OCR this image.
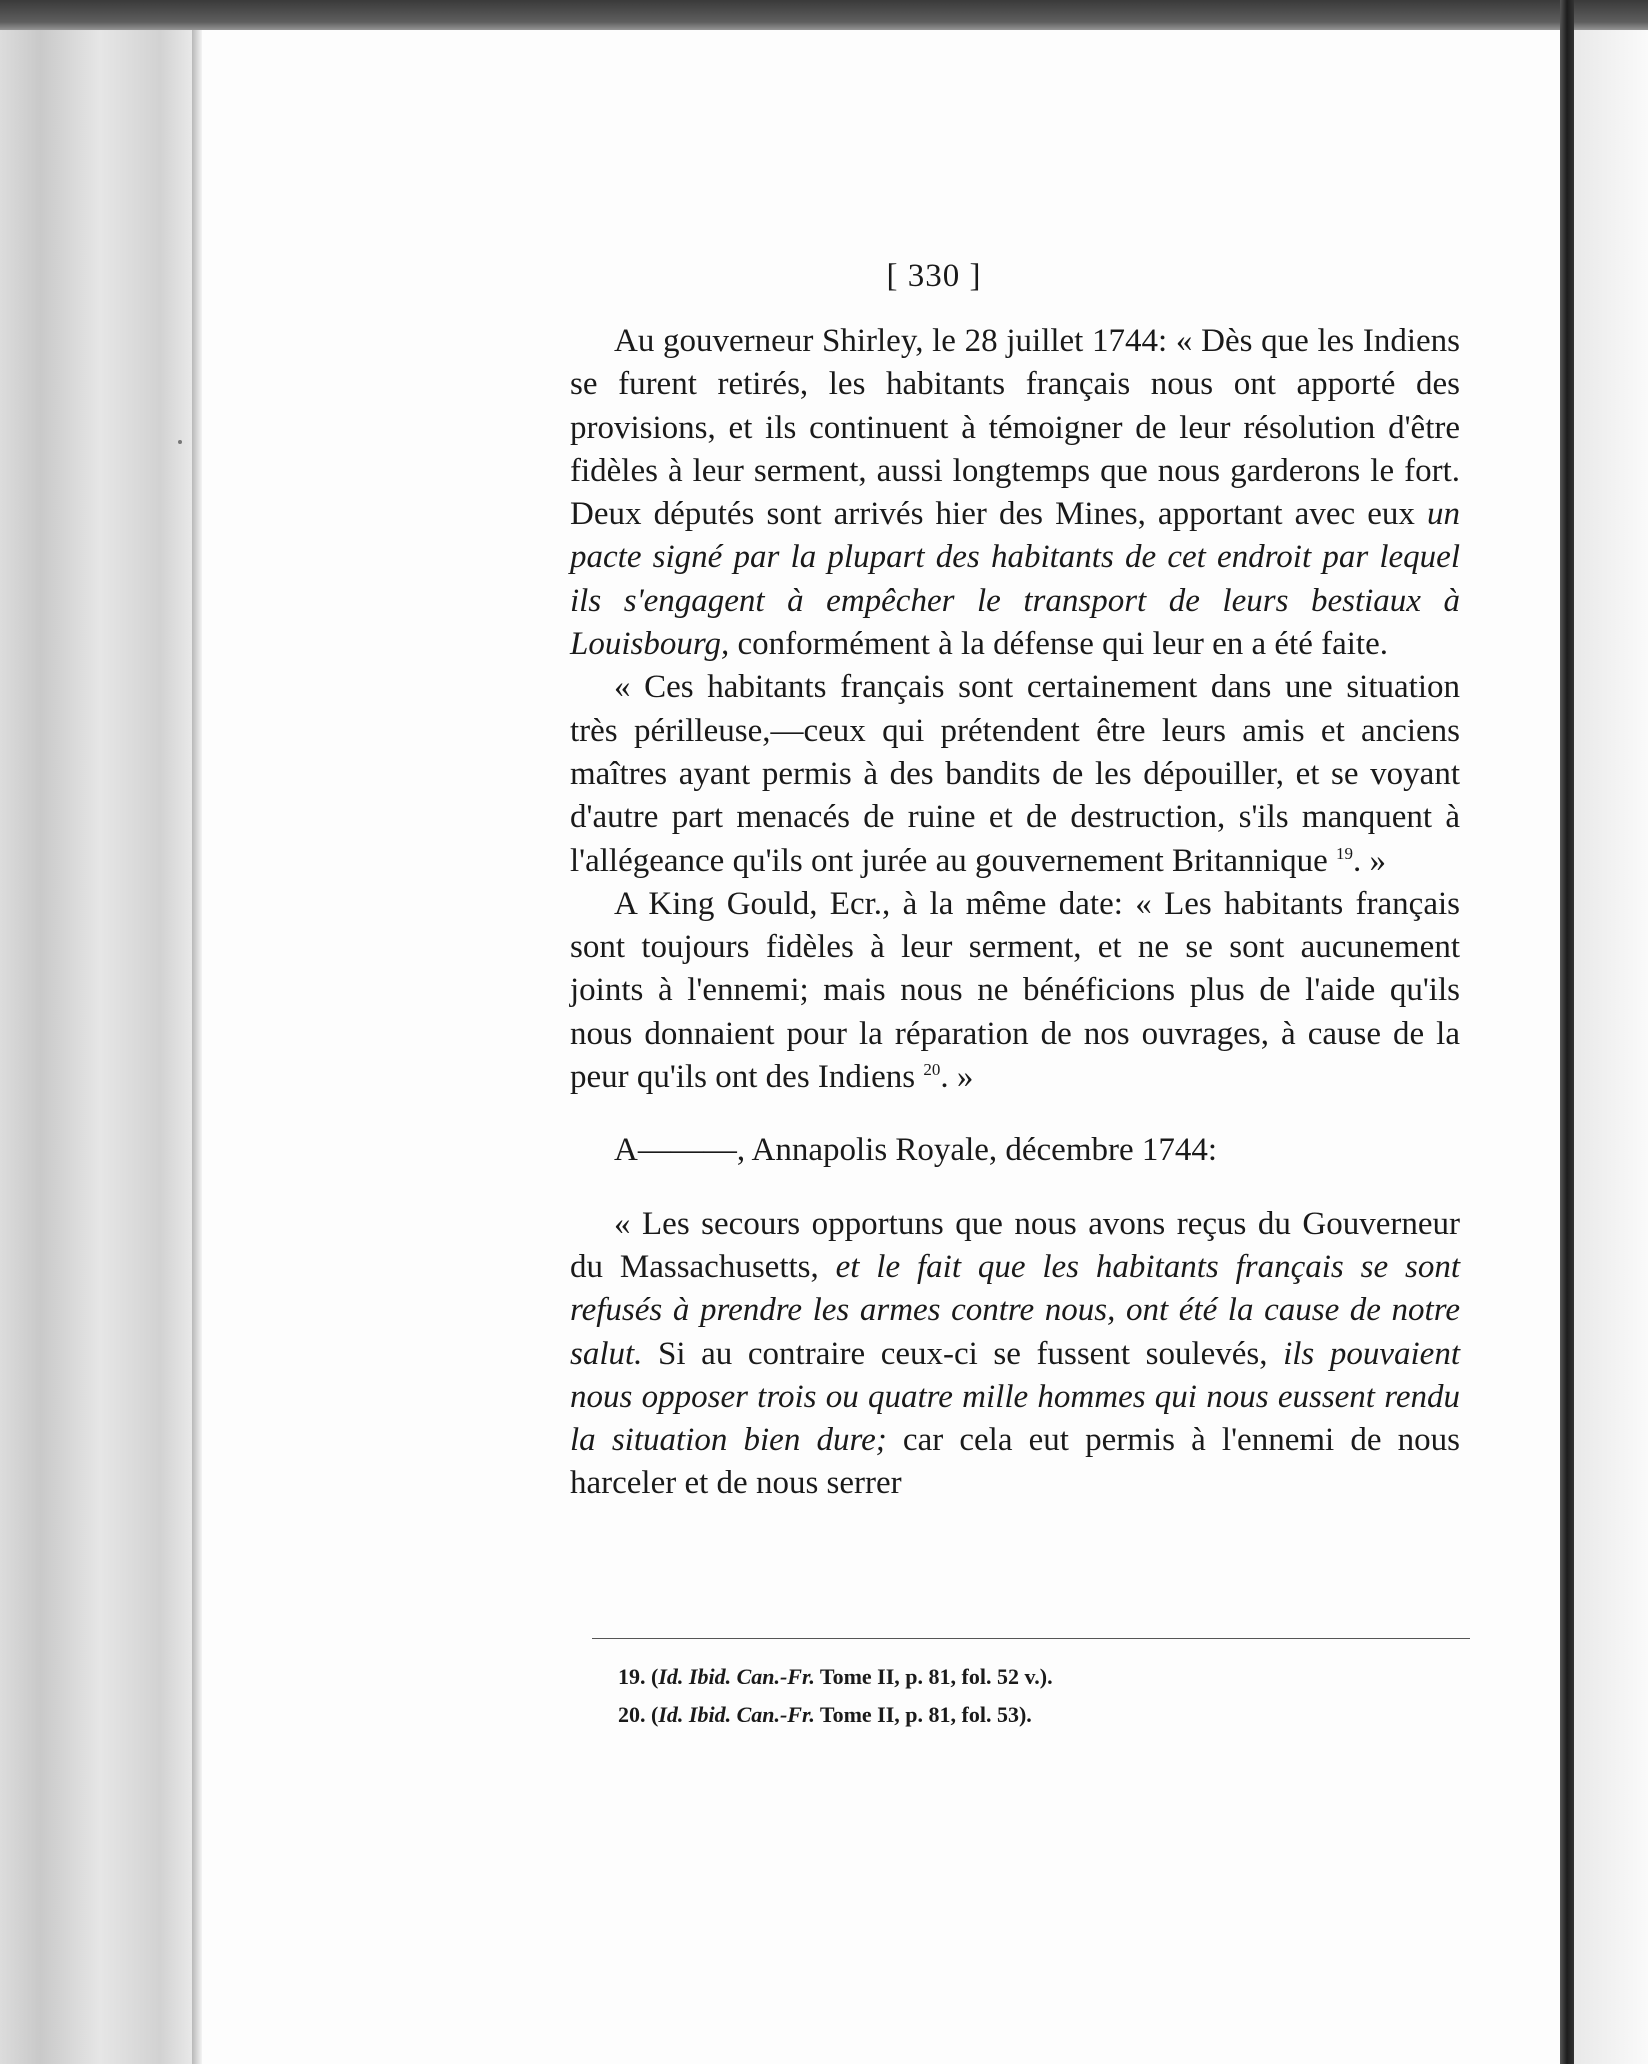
[ 330 ]

Au gouverneur Shirley, le 28 juillet 1744: « Dès que les Indiens se furent retirés, les habitants français nous ont apporté des provisions, et ils continuent à témoigner de leur résolution d'être fidèles à leur serment, aussi longtemps que nous garderons le fort. Deux députés sont arrivés hier des Mines, apportant avec eux un pacte signé par la plupart des habitants de cet endroit par lequel ils s'engagent à empêcher le transport de leurs bestiaux à Louisbourg, conformément à la défense qui leur en a été faite.

« Ces habitants français sont certainement dans une situation très périlleuse,—ceux qui prétendent être leurs amis et anciens maîtres ayant permis à des bandits de les dépouiller, et se voyant d'autre part menacés de ruine et de destruction, s'ils manquent à l'allégeance qu'ils ont jurée au gouvernement Britannique $^{19}$. »

A King Gould, Ecr., à la même date: « Les habitants français sont toujours fidèles à leur serment, et ne se sont aucunement joints à l'ennemi; mais nous ne bénéficions plus de l'aide qu'ils nous donnaient pour la réparation de nos ouvrages, à cause de la peur qu'ils ont des Indiens $^{20}$. »

A———, Annapolis Royale, décembre 1744:

« Les secours opportuns que nous avons reçus du Gouverneur du Massachusetts, et le fait que les habitants français se sont refusés à prendre les armes contre nous, ont été la cause de notre salut. Si au contraire ceux-ci se fussent soulevés, ils pouvaient nous opposer trois ou quatre mille hommes qui nous eussent rendu la situation bien dure; car cela eut permis à l'ennemi de nous harceler et de nous serrer

19. (Id. Ibid. Can.-Fr. Tome II, p. 81, fol. 52 v.).
20. (Id. Ibid. Can.-Fr. Tome II, p. 81, fol. 53).
